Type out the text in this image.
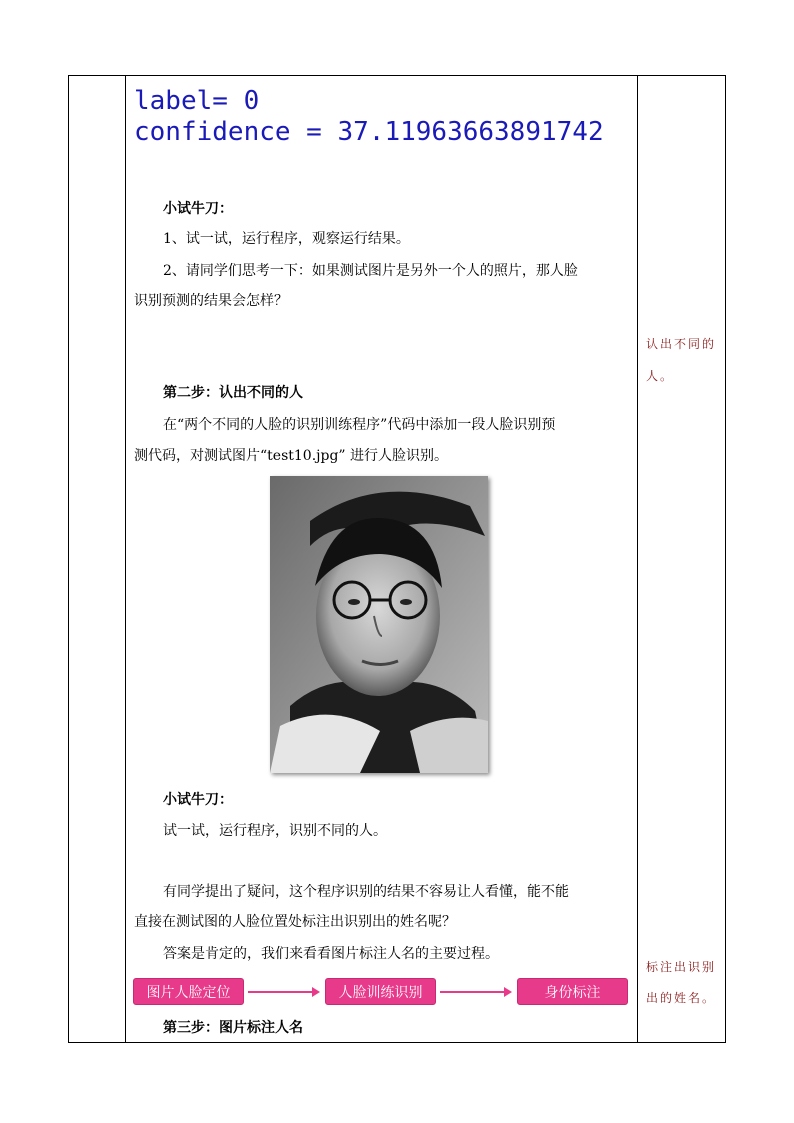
label= 0
confidence = 37.11963663891742
小试牛刀：
1、试一试，运行程序，观察运行结果。
2、请同学们思考一下：如果测试图片是另外一个人的照片，那人脸
识别预测的结果会怎样？
第二步：认出不同的人
在“两个不同的人脸的识别训练程序”代码中添加一段人脸识别预
测代码，对测试图片“test10.jpg” 进行人脸识别。
小试牛刀：
试一试，运行程序，识别不同的人。
有同学提出了疑问，这个程序识别的结果不容易让人看懂，能不能
直接在测试图的人脸位置处标注出识别出的姓名呢？
答案是肯定的，我们来看看图片标注人名的主要过程。
图片人脸定位	人脸训练识别	身份标注
第三步：图片标注人名
认出不同的
人。
标注出识别
出的姓名。
